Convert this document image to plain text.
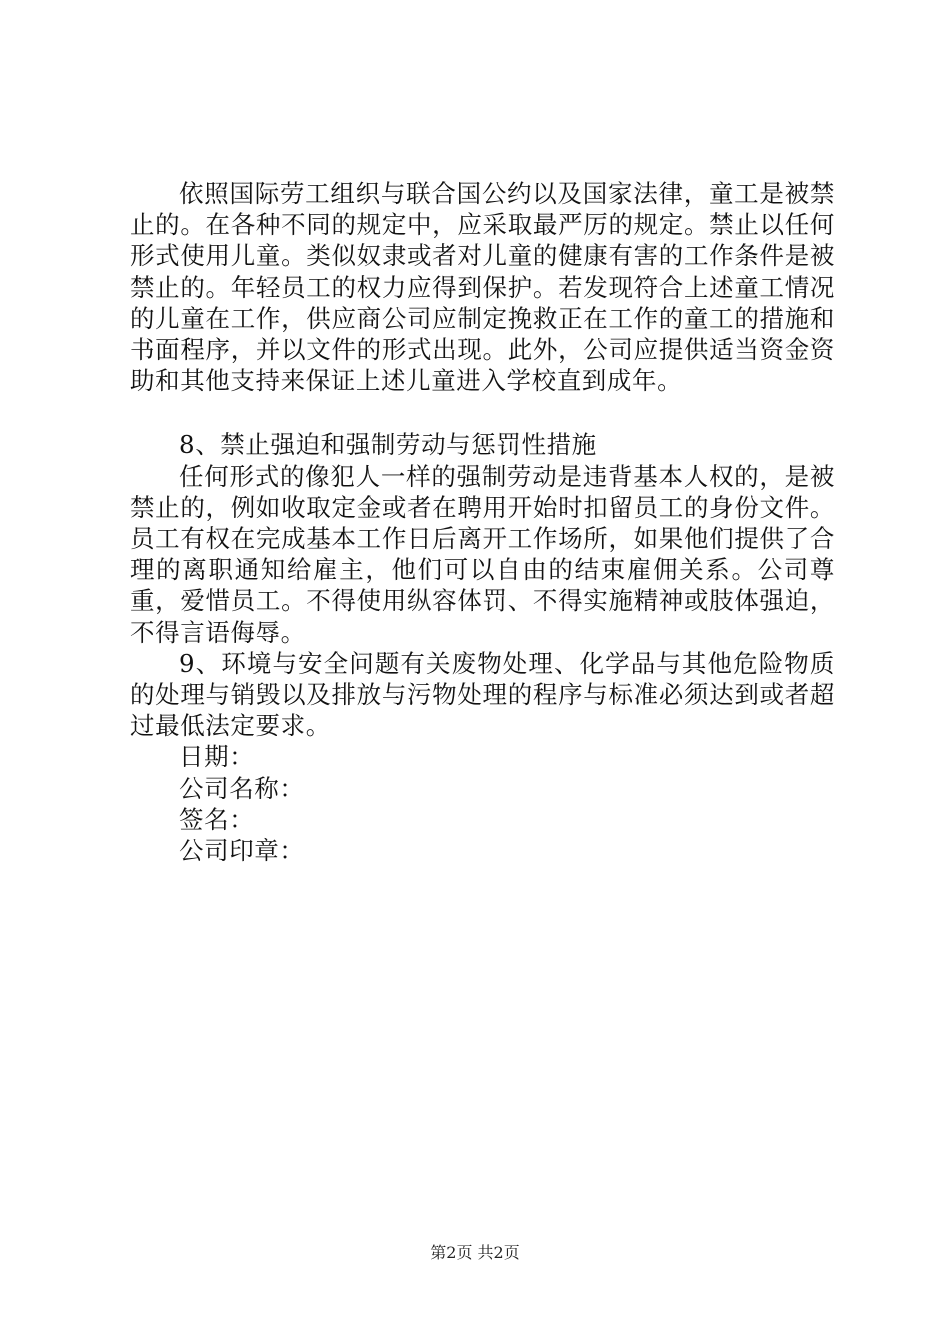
依照国际劳工组织与联合国公约以及国家法律，童工是被禁止的。在各种不同的规定中，应采取最严厉的规定。禁止以任何形式使用儿童。类似奴隶或者对儿童的健康有害的工作条件是被禁止的。年轻员工的权力应得到保护。若发现符合上述童工情况的儿童在工作，供应商公司应制定挽救正在工作的童工的措施和书面程序，并以文件的形式出现。此外，公司应提供适当资金资助和其他支持来保证上述儿童进入学校直到成年。

8、禁止强迫和强制劳动与惩罚性措施

任何形式的像犯人一样的强制劳动是违背基本人权的，是被禁止的，例如收取定金或者在聘用开始时扣留员工的身份文件。员工有权在完成基本工作日后离开工作场所，如果他们提供了合理的离职通知给雇主，他们可以自由的结束雇佣关系。公司尊重，爱惜员工。不得使用纵容体罚、不得实施精神或肢体强迫，不得言语侮辱。

9、环境与安全问题有关废物处理、化学品与其他危险物质的处理与销毁以及排放与污物处理的程序与标准必须达到或者超过最低法定要求。

日期：

公司名称：

签名：

公司印章：

第2页 共2页
